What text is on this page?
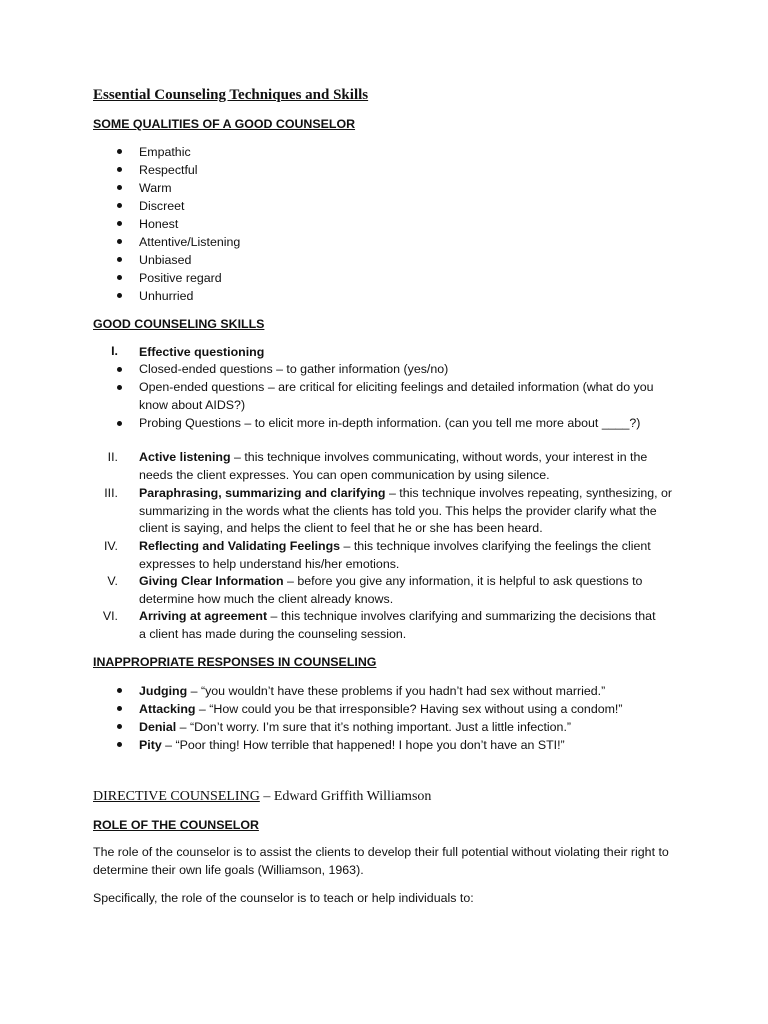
Essential Counseling Techniques and Skills
SOME QUALITIES OF A GOOD COUNSELOR
Empathic
Respectful
Warm
Discreet
Honest
Attentive/Listening
Unbiased
Positive regard
Unhurried
GOOD COUNSELING SKILLS
I. Effective questioning
Closed-ended questions – to gather information (yes/no)
Open-ended questions – are critical for eliciting feelings and detailed information (what do you know about AIDS?)
Probing Questions – to elicit more in-depth information. (can you tell me more about ____?)
II. Active listening – this technique involves communicating, without words, your interest in the needs the client expresses. You can open communication by using silence.
III. Paraphrasing, summarizing and clarifying – this technique involves repeating, synthesizing, or summarizing in the words what the clients has told you. This helps the provider clarify what the client is saying, and helps the client to feel that he or she has been heard.
IV. Reflecting and Validating Feelings – this technique involves clarifying the feelings the client expresses to help understand his/her emotions.
V. Giving Clear Information – before you give any information, it is helpful to ask questions to determine how much the client already knows.
VI. Arriving at agreement – this technique involves clarifying and summarizing the decisions that a client has made during the counseling session.
INAPPROPRIATE RESPONSES IN COUNSELING
Judging – “you wouldn’t have these problems if you hadn’t had sex without married.”
Attacking – “How could you be that irresponsible? Having sex without using a condom!”
Denial – “Don’t worry. I’m sure that it’s nothing important. Just a little infection.”
Pity – “Poor thing! How terrible that happened! I hope you don’t have an STI!”
DIRECTIVE COUNSELING – Edward Griffith Williamson
ROLE OF THE COUNSELOR
The role of the counselor is to assist the clients to develop their full potential without violating their right to determine their own life goals (Williamson, 1963).
Specifically, the role of the counselor is to teach or help individuals to:
